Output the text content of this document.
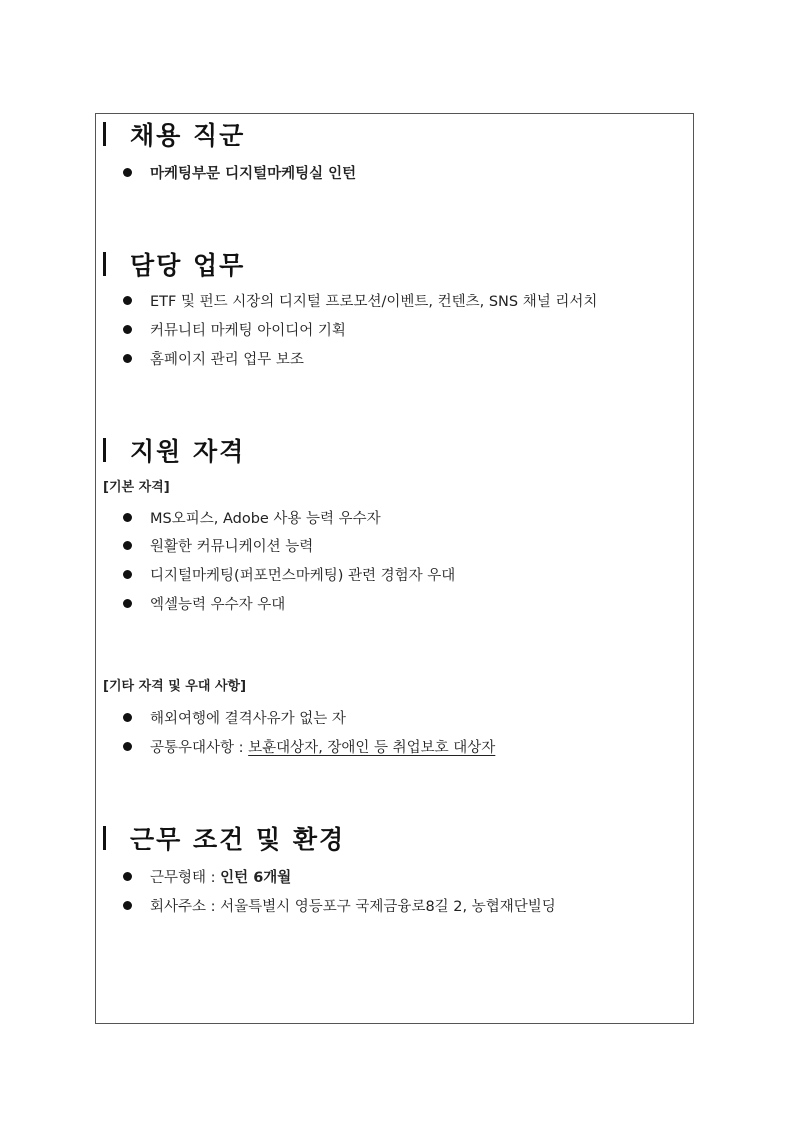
채용 직군
마케팅부문 디지털마케팅실 인턴
담당 업무
ETF 및 펀드 시장의 디지털 프로모션/이벤트, 컨텐츠, SNS 채널 리서치
커뮤니티 마케팅 아이디어 기획
홈페이지 관리 업무 보조
지원 자격
[기본 자격]
MS오피스, Adobe 사용 능력 우수자
원활한 커뮤니케이션 능력
디지털마케팅(퍼포먼스마케팅) 관련 경험자 우대
엑셀능력 우수자 우대
[기타 자격 및 우대 사항]
해외여행에 결격사유가 없는 자
공통우대사항 : 보훈대상자, 장애인 등 취업보호 대상자
근무 조건 및 환경
근무형태 : 인턴 6개월
회사주소 : 서울특별시 영등포구 국제금융로8길 2, 농협재단빌딩
